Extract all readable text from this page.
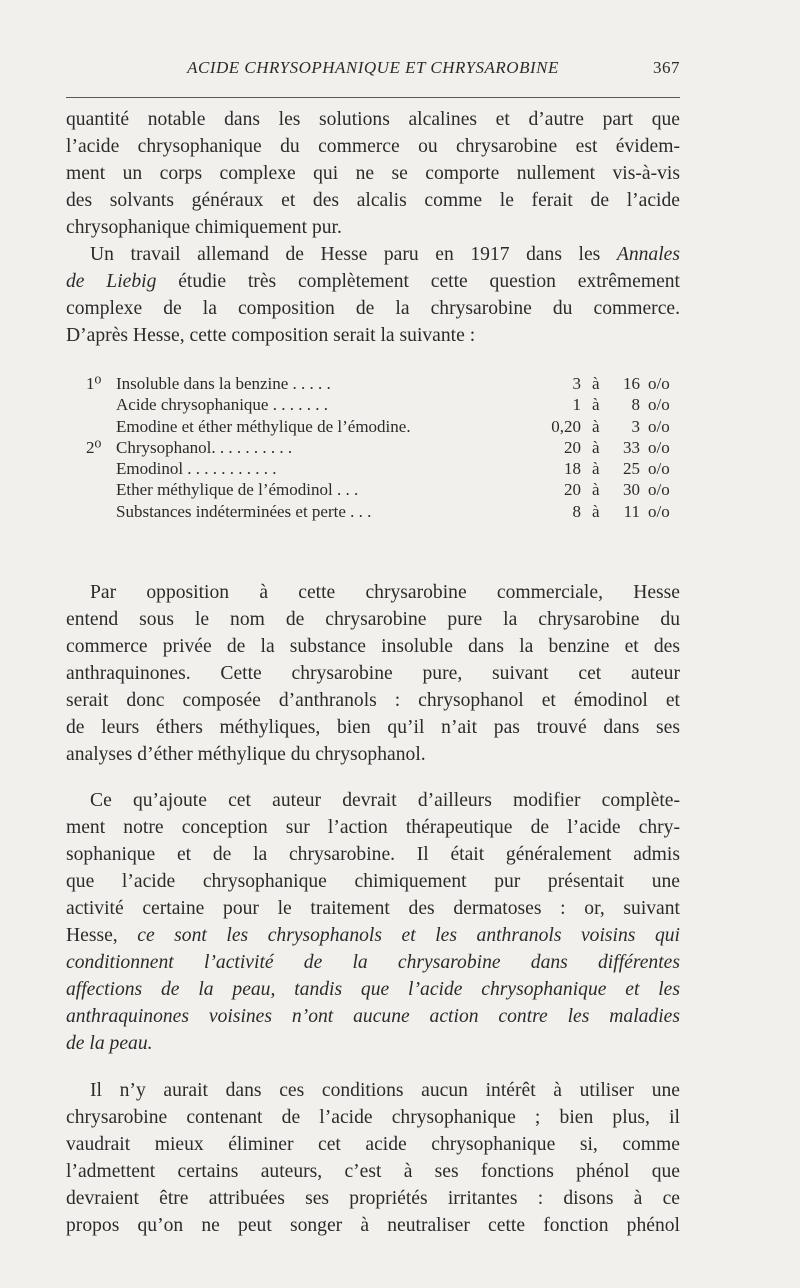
ACIDE CHRYSOPHANIQUE ET CHRYSAROBINE	367

quantité notable dans les solutions alcalines et d’autre part que
l’acide chrysophanique du commerce ou chrysarobine est évidem-
ment un corps complexe qui ne se comporte nullement vis-à-vis
des solvants généraux et des alcalis comme le ferait de l’acide
chrysophanique chimiquement pur.

Un travail allemand de Hesse paru en 1917 dans les Annales
de Liebig étudie très complètement cette question extrêmement
complexe de la composition de la chrysarobine du commerce.
D’après Hesse, cette composition serait la suivante :

1⁰ Insoluble dans la benzine . . . . .	3 à	16 o/o
Acide chrysophanique . . . . . . .	1 à	8 o/o
Emodine et éther méthylique de l’émodine.	0,20 à	3 o/o
2⁰ Chrysophanol. . . . . . . . . .	20 à	33 o/o
Emodinol . . . . . . . . . . .	18 à	25 o/o
Ether méthylique de l’émodinol . . .	20 à	30 o/o
Substances indéterminées et perte . . .	8 à	11 o/o

Par opposition à cette chrysarobine commerciale, Hesse
entend sous le nom de chrysarobine pure la chrysarobine du
commerce privée de la substance insoluble dans la benzine et des
anthraquinones. Cette chrysarobine pure, suivant cet auteur
serait donc composée d’anthranols : chrysophanol et émodinol et
de leurs éthers méthyliques, bien qu’il n’ait pas trouvé dans ses
analyses d’éther méthylique du chrysophanol.

Ce qu’ajoute cet auteur devrait d’ailleurs modifier complète-
ment notre conception sur l’action thérapeutique de l’acide chry-
sophanique et de la chrysarobine. Il était généralement admis
que l’acide chrysophanique chimiquement pur présentait une
activité certaine pour le traitement des dermatoses : or, suivant
Hesse, ce sont les chrysophanols et les anthranols voisins qui
conditionnent l’activité de la chrysarobine dans différentes
affections de la peau, tandis que l’acide chrysophanique et les
anthraquinones voisines n’ont aucune action contre les maladies
de la peau.

Il n’y aurait dans ces conditions aucun intérêt à utiliser une
chrysarobine contenant de l’acide chrysophanique ; bien plus, il
vaudrait mieux éliminer cet acide chrysophanique si, comme
l’admettent certains auteurs, c’est à ses fonctions phénol que
devraient être attribuées ses propriétés irritantes : disons à ce
propos qu’on ne peut songer à neutraliser cette fonction phénol
